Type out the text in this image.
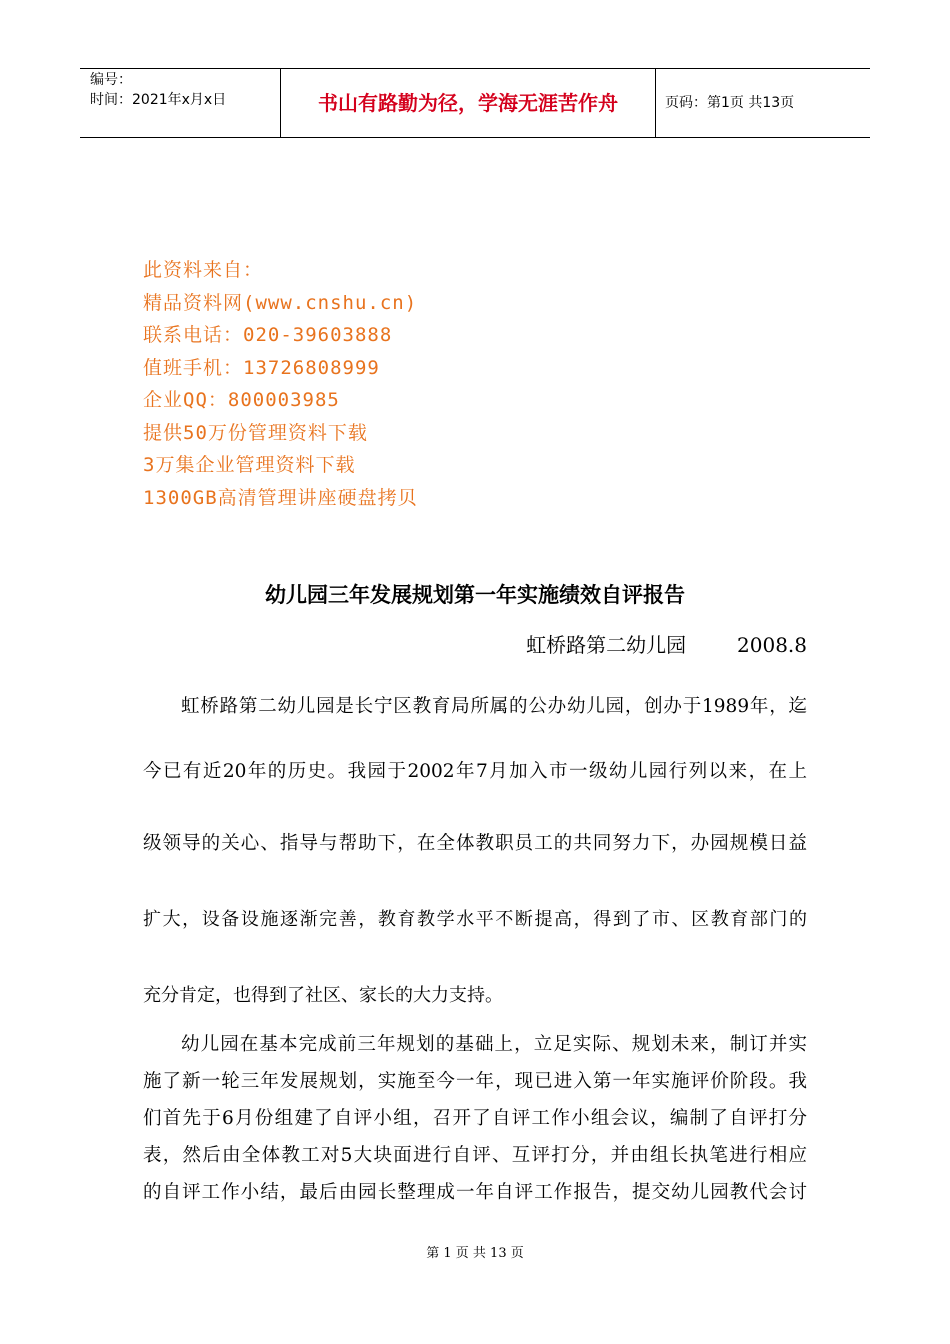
编号：
时间：2021年x月x日	书山有路勤为径，学海无涯苦作舟	页码：第1页 共13页
此资料来自：
精品资料网(www.cnshu.cn)
联系电话：020-39603888
值班手机：13726808999
企业QQ：800003985
提供50万份管理资料下载
3万集企业管理资料下载
1300GB高清管理讲座硬盘拷贝
幼儿园三年发展规划第一年实施绩效自评报告
虹桥路第二幼儿园        2008.8
虹桥路第二幼儿园是长宁区教育局所属的公办幼儿园，创办于1989年，迄
今已有近20年的历史。我园于2002年7月加入市一级幼儿园行列以来，在上
级领导的关心、指导与帮助下，在全体教职员工的共同努力下，办园规模日益
扩大，设备设施逐渐完善，教育教学水平不断提高，得到了市、区教育部门的
充分肯定，也得到了社区、家长的大力支持。
幼儿园在基本完成前三年规划的基础上，立足实际、规划未来，制订并实
施了新一轮三年发展规划，实施至今一年，现已进入第一年实施评价阶段。我
们首先于6月份组建了自评小组，召开了自评工作小组会议，编制了自评打分
表，然后由全体教工对5大块面进行自评、互评打分，并由组长执笔进行相应
的自评工作小结，最后由园长整理成一年自评工作报告，提交幼儿园教代会讨
第 1 页 共 13 页
